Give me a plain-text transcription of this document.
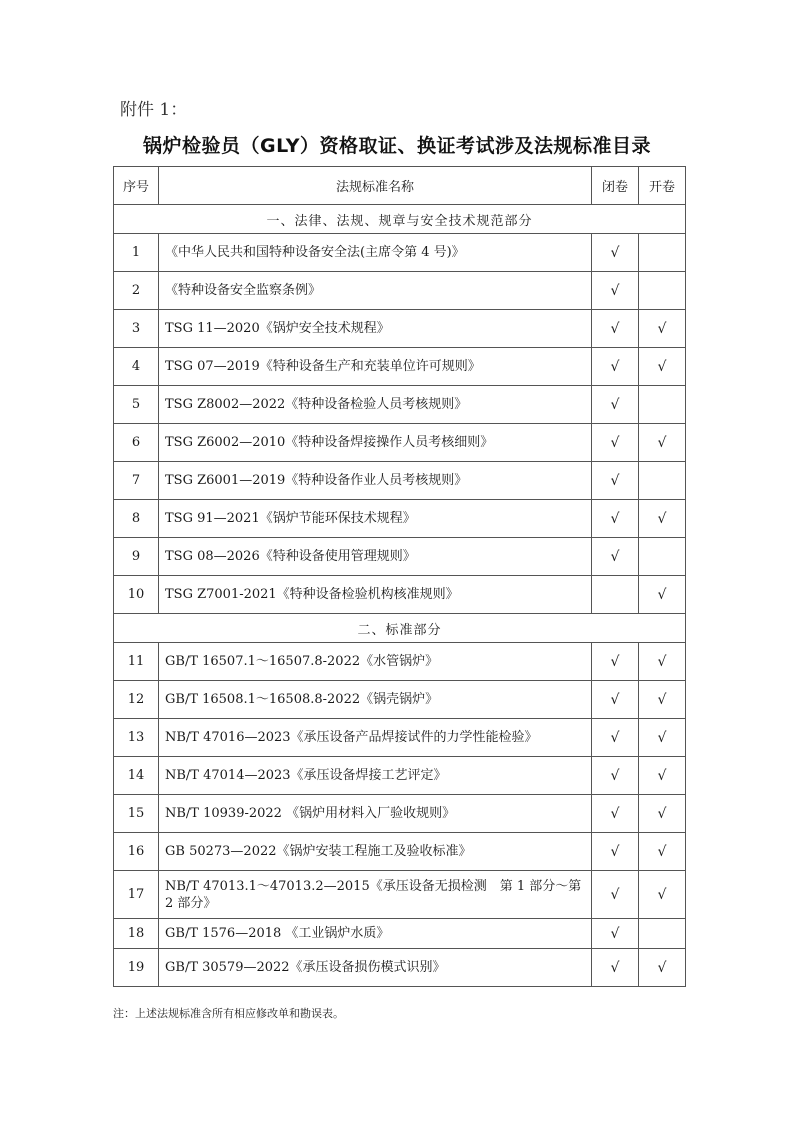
附件 1：
锅炉检验员（GLY）资格取证、换证考试涉及法规标准目录
序号	法规标准名称	闭卷	开卷
一、法律、法规、规章与安全技术规范部分			
1	《中华人民共和国特种设备安全法(主席令第 4 号)》	√	
2	《特种设备安全监察条例》	√	
3	TSG 11—2020《锅炉安全技术规程》	√	√
4	TSG 07—2019《特种设备生产和充装单位许可规则》	√	√
5	TSG Z8002—2022《特种设备检验人员考核规则》	√	
6	TSG Z6002—2010《特种设备焊接操作人员考核细则》	√	√
7	TSG Z6001—2019《特种设备作业人员考核规则》	√	
8	TSG 91—2021《锅炉节能环保技术规程》	√	√
9	TSG 08—2026《特种设备使用管理规则》	√	
10	TSG Z7001-2021《特种设备检验机构核准规则》		√
二、标准部分			
11	GB/T 16507.1～16507.8-2022《水管锅炉》	√	√
12	GB/T 16508.1～16508.8-2022《锅壳锅炉》	√	√
13	NB/T 47016—2023《承压设备产品焊接试件的力学性能检验》	√	√
14	NB/T 47014—2023《承压设备焊接工艺评定》	√	√
15	NB/T 10939-2022 《锅炉用材料入厂验收规则》	√	√
16	GB 50273—2022《锅炉安装工程施工及验收标准》	√	√
17	NB/T 47013.1～47013.2—2015《承压设备无损检测　第 1 部分～第 2 部分》	√	√
18	GB/T 1576—2018 《工业锅炉水质》	√	
19	GB/T 30579—2022《承压设备损伤模式识别》	√	√
注：上述法规标准含所有相应修改单和勘误表。
